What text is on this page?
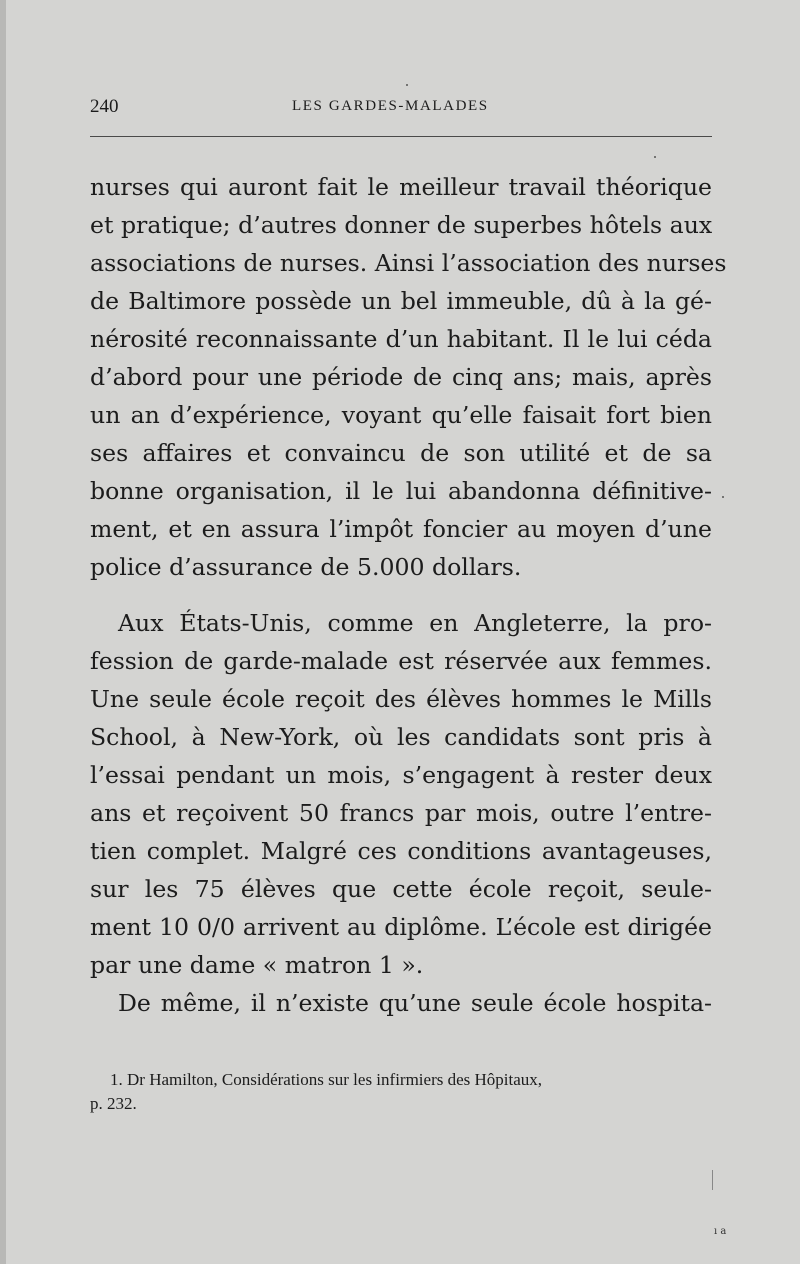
240	LES GARDES-MALADES
nurses qui auront fait le meilleur travail théorique
et pratique; d’autres donner de superbes hôtels aux
associations de nurses. Ainsi l’association des nurses
de Baltimore possède un bel immeuble, dû à la gé-
nérosité reconnaissante d’un habitant. Il le lui céda
d’abord pour une période de cinq ans; mais, après
un an d’expérience, voyant qu’elle faisait fort bien
ses affaires et convaincu de son utilité et de sa
bonne organisation, il le lui abandonna définitive-
ment, et en assura l’impôt foncier au moyen d’une
police d’assurance de 5.000 dollars.
Aux États-Unis, comme en Angleterre, la pro-
fession de garde-malade est réservée aux femmes.
Une seule école reçoit des élèves hommes le Mills
School, à New-York, où les candidats sont pris à
l’essai pendant un mois, s’engagent à rester deux
ans et reçoivent 50 francs par mois, outre l’entre-
tien complet. Malgré ces conditions avantageuses,
sur les 75 élèves que cette école reçoit, seule-
ment 10 0/0 arrivent au diplôme. L’école est dirigée
par une dame « matron 1 ».
De même, il n’existe qu’une seule école hospita-
1. Dr Hamilton, Considérations sur les infirmiers des Hôpitaux,
p. 232.
ı a
